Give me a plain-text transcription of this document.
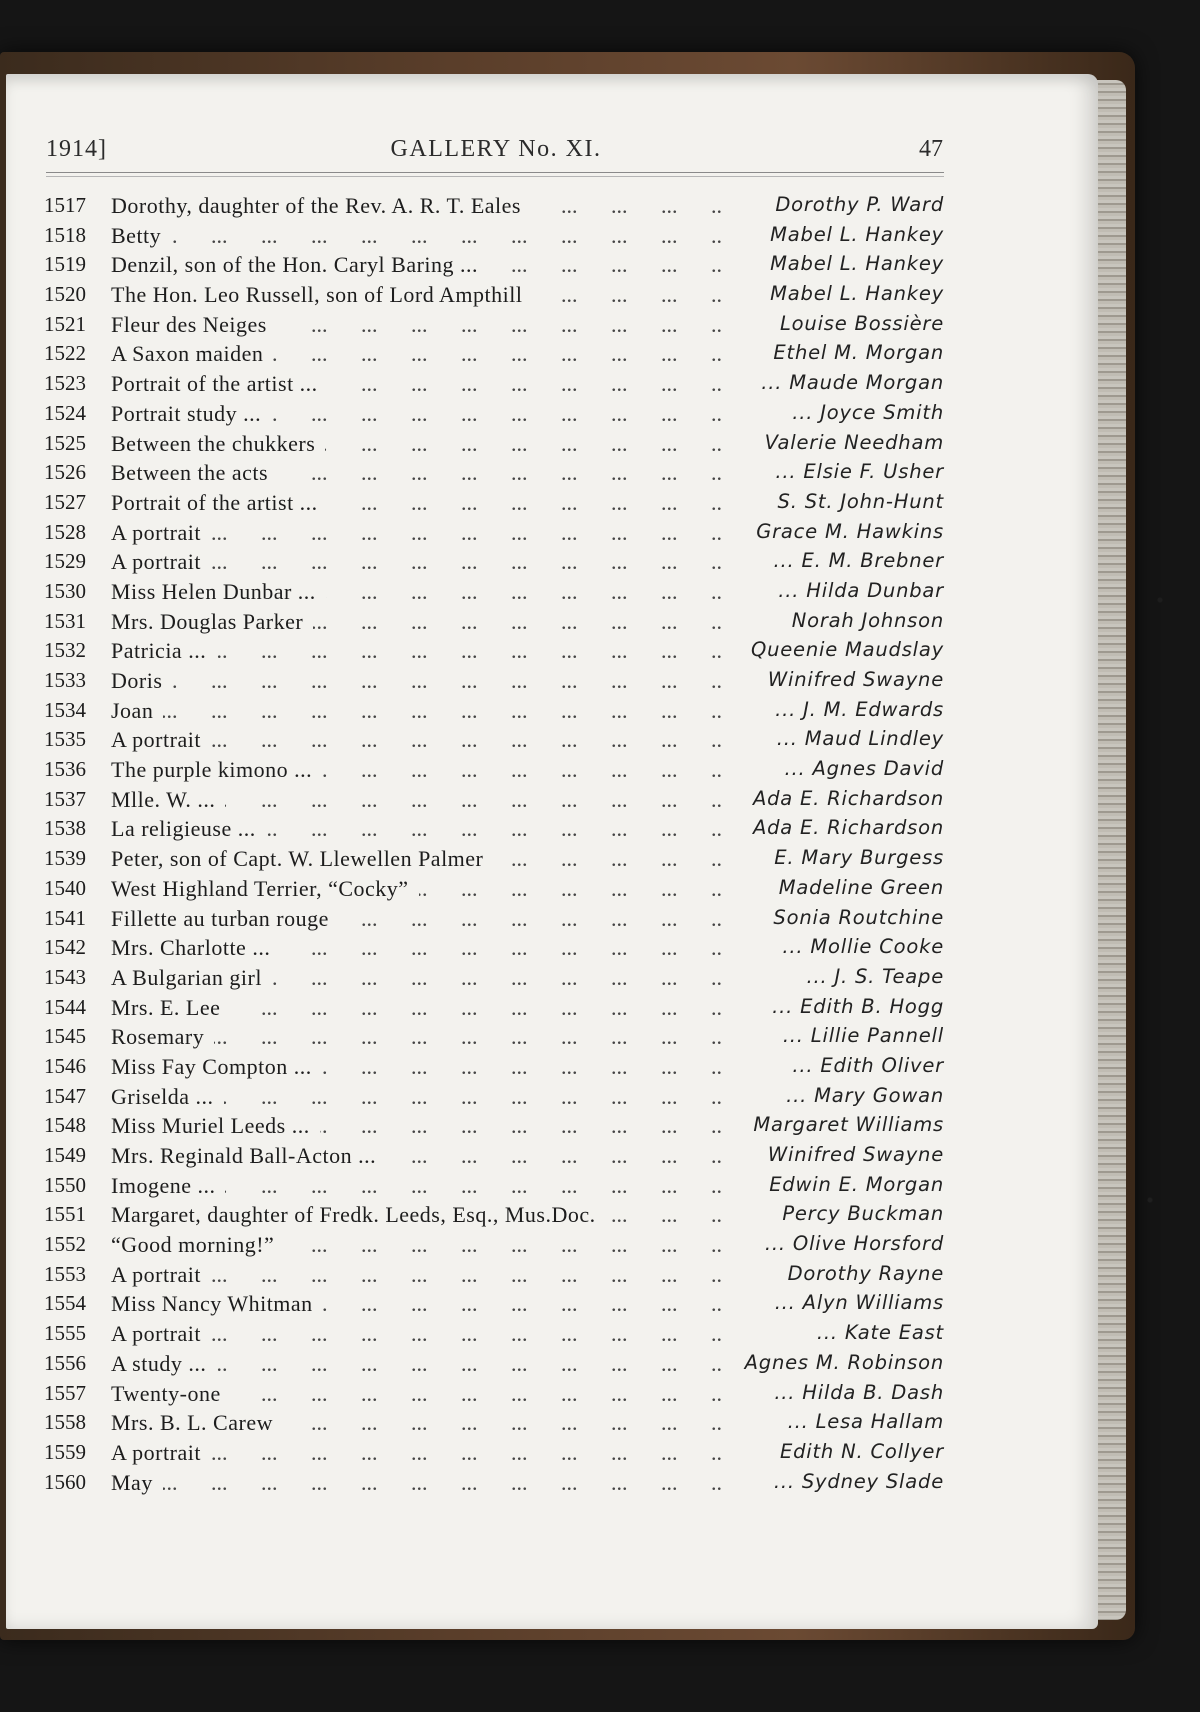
1914]	GALLERY No. XI.	47
... .
1517	Dorothy, daughter of the Rev. A. R. T. Eales	Dorothy P. Ward
... .
1518	Betty	Mabel L. Hankey
... .
1519	Denzil, son of the Hon. Caryl Baring ...	Mabel L. Hankey
... .
1520	The Hon. Leo Russell, son of Lord Ampthill	Mabel L. Hankey
... .
1521	Fleur des Neiges	Louise Bossière
... .
1522	A Saxon maiden	Ethel M. Morgan
... .
1523	Portrait of the artist ...	... Maude Morgan
... .
1524	Portrait study ...	... Joyce Smith
... .
1525	Between the chukkers	Valerie Needham
... .
1526	Between the acts	... Elsie F. Usher
... .
1527	Portrait of the artist ...	S. St. John-Hunt
... .
1528	A portrait	Grace M. Hawkins
... .
1529	A portrait	... E. M. Brebner
... .
1530	Miss Helen Dunbar ...	... Hilda Dunbar
... .
1531	Mrs. Douglas Parker	Norah Johnson
... .
1532	Patricia ...	Queenie Maudslay
... .
1533	Doris	Winifred Swayne
... .
1534	Joan	... J. M. Edwards
... .
1535	A portrait	... Maud Lindley
... .
1536	The purple kimono ...	... Agnes David
... .
1537	Mlle. W. ...	Ada E. Richardson
... .
1538	La religieuse ...	Ada E. Richardson
... .
1539	Peter, son of Capt. W. Llewellen Palmer	E. Mary Burgess
... .
1540	West Highland Terrier, “Cocky”	Madeline Green
... .
1541	Fillette au turban rouge	Sonia Routchine
... .
1542	Mrs. Charlotte ...	... Mollie Cooke
... .
1543	A Bulgarian girl	... J. S. Teape
... .
1544	Mrs. E. Lee	... Edith B. Hogg
... .
1545	Rosemary	... Lillie Pannell
... .
1546	Miss Fay Compton ...	... Edith Oliver
... .
1547	Griselda ...	... Mary Gowan
... .
1548	Miss Muriel Leeds ...	Margaret Williams
... .
1549	Mrs. Reginald Ball-Acton ...	Winifred Swayne
... .
1550	Imogene ...	Edwin E. Morgan
... .
1551	Margaret, daughter of Fredk. Leeds, Esq., Mus.Doc.	Percy Buckman
... .
1552	“Good morning!”	... Olive Horsford
... .
1553	A portrait	Dorothy Rayne
... .
1554	Miss Nancy Whitman	... Alyn Williams
... .
1555	A portrait	... Kate East
... .
1556	A study ...	Agnes M. Robinson
... .
1557	Twenty-one	... Hilda B. Dash
... .
1558	Mrs. B. L. Carew	... Lesa Hallam
... .
1559	A portrait	Edith N. Collyer
... .
1560	May	... Sydney Slade
